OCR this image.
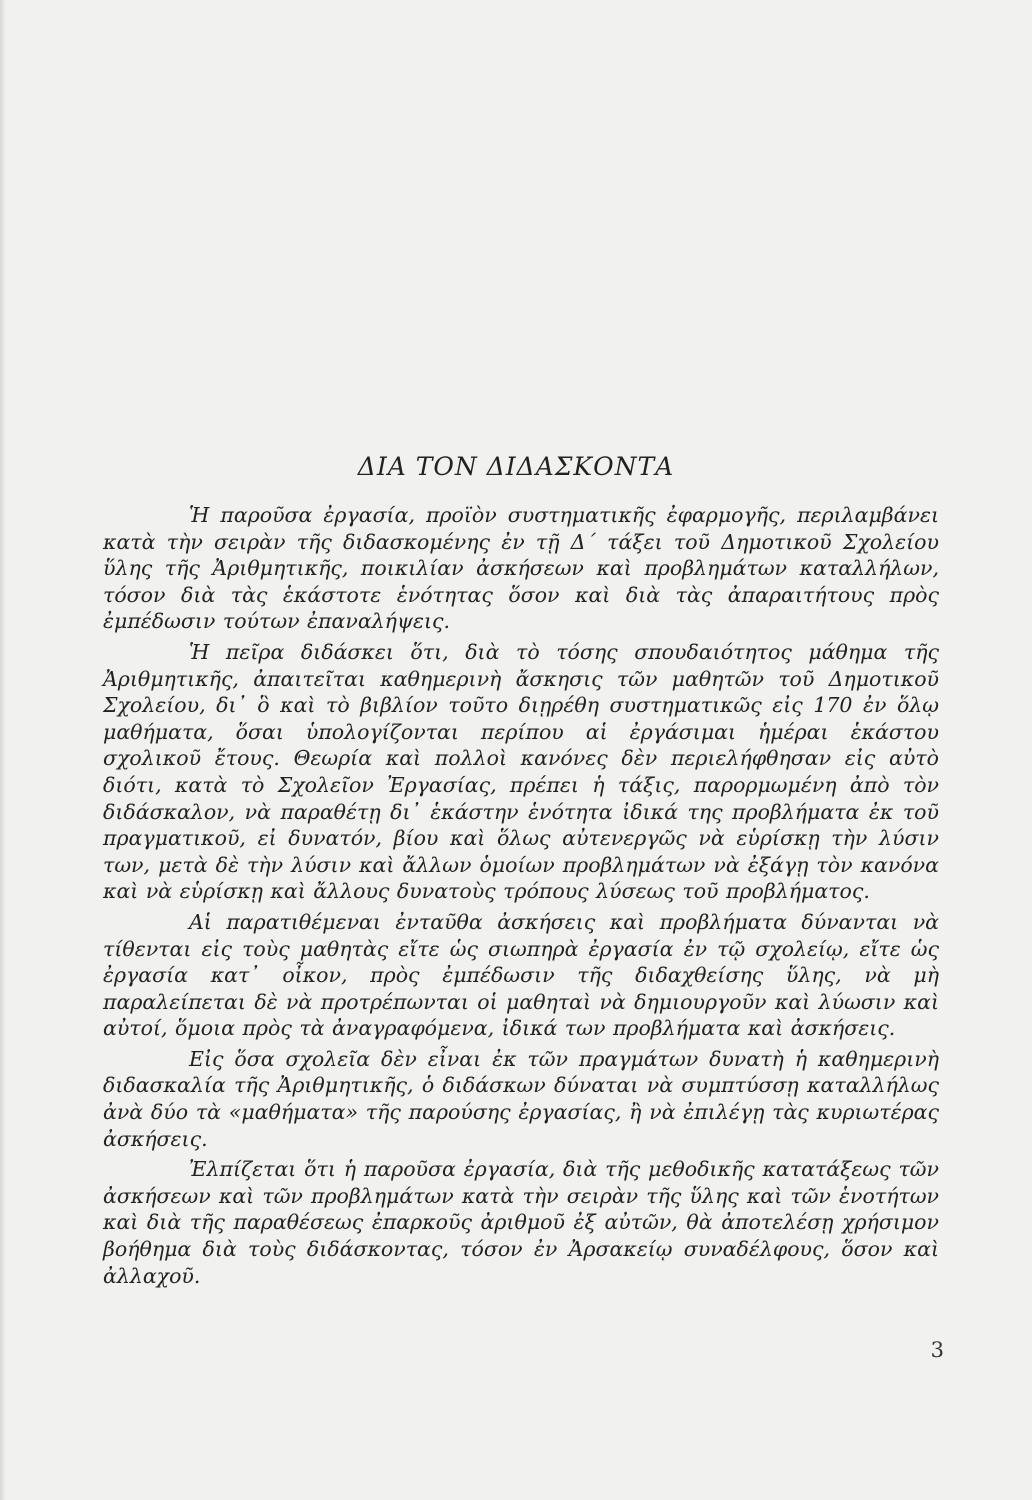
ΔΙΑ ΤΟΝ ΔΙΔΑΣΚΟΝΤΑ

Ἡ παροῦσα ἐργασία, προϊὸν συστηματικῆς ἐφαρμογῆς, περιλαμβάνει κατὰ τὴν σειρὰν τῆς διδασκομένης ἐν τῇ Δ΄ τάξει τοῦ Δημοτικοῦ Σχολείου ὕλης τῆς Ἀριθμητικῆς, ποικιλίαν ἀσκήσεων καὶ προβλημάτων καταλλήλων, τόσον διὰ τὰς ἑκάστοτε ἑνότητας ὅσον καὶ διὰ τὰς ἀπαραιτήτους πρὸς ἐμπέδωσιν τούτων ἐπαναλήψεις.

Ἡ πεῖρα διδάσκει ὅτι, διὰ τὸ τόσης σπουδαιότητος μάθημα τῆς Ἀριθμητικῆς, ἀπαιτεῖται καθημερινὴ ἄσκησις τῶν μαθητῶν τοῦ Δημοτικοῦ Σχολείου, δι᾽ ὃ καὶ τὸ βιβλίον τοῦτο διῃρέθη συστηματικῶς εἰς 170 ἐν ὅλῳ μαθήματα, ὅσαι ὑπολογίζονται περίπου αἱ ἐργάσιμαι ἡμέραι ἑκάστου σχολικοῦ ἔτους. Θεωρία καὶ πολλοὶ κανόνες δὲν περιελήφθησαν εἰς αὐτὸ διότι, κατὰ τὸ Σχολεῖον Ἐργασίας, πρέπει ἡ τάξις, παρορμωμένη ἀπὸ τὸν διδάσκαλον, νὰ παραθέτῃ δι᾽ ἑκάστην ἑνότητα ἰδικά της προβλήματα ἐκ τοῦ πραγματικοῦ, εἰ δυνατόν, βίου καὶ ὅλως αὐτενεργῶς νὰ εὑρίσκῃ τὴν λύσιν των, μετὰ δὲ τὴν λύσιν καὶ ἄλλων ὁμοίων προβλημάτων νὰ ἐξάγῃ τὸν κανόνα καὶ νὰ εὑρίσκῃ καὶ ἄλλους δυνατοὺς τρόπους λύσεως τοῦ προβλήματος.

Αἱ παρατιθέμεναι ἐνταῦθα ἀσκήσεις καὶ προβλήματα δύνανται νὰ τίθενται εἰς τοὺς μαθητὰς εἴτε ὡς σιωπηρὰ ἐργασία ἐν τῷ σχολείῳ, εἴτε ὡς ἐργασία κατ᾽ οἶκον, πρὸς ἐμπέδωσιν τῆς διδαχθείσης ὕλης, νὰ μὴ παραλείπεται δὲ νὰ προτρέπωνται οἱ μαθηταὶ νὰ δημιουργοῦν καὶ λύωσιν καὶ αὐτοί, ὅμοια πρὸς τὰ ἀναγραφόμενα, ἰδικά των προβλήματα καὶ ἀσκήσεις.

Εἰς ὅσα σχολεῖα δὲν εἶναι ἐκ τῶν πραγμάτων δυνατὴ ἡ καθημερινὴ διδασκαλία τῆς Ἀριθμητικῆς, ὁ διδάσκων δύναται νὰ συμπτύσσῃ καταλλήλως ἀνὰ δύο τὰ «μαθήματα» τῆς παρούσης ἐργασίας, ἢ νὰ ἐπιλέγῃ τὰς κυριωτέρας ἀσκήσεις.

Ἐλπίζεται ὅτι ἡ παροῦσα ἐργασία, διὰ τῆς μεθοδικῆς κατατάξεως τῶν ἀσκήσεων καὶ τῶν προβλημάτων κατὰ τὴν σειρὰν τῆς ὕλης καὶ τῶν ἑνοτήτων καὶ διὰ τῆς παραθέσεως ἐπαρκοῦς ἀριθμοῦ ἐξ αὐτῶν, θὰ ἀποτελέσῃ χρήσιμον βοήθημα διὰ τοὺς διδάσκοντας, τόσον ἐν Ἀρσακείῳ συναδέλφους, ὅσον καὶ ἀλλαχοῦ.

3
